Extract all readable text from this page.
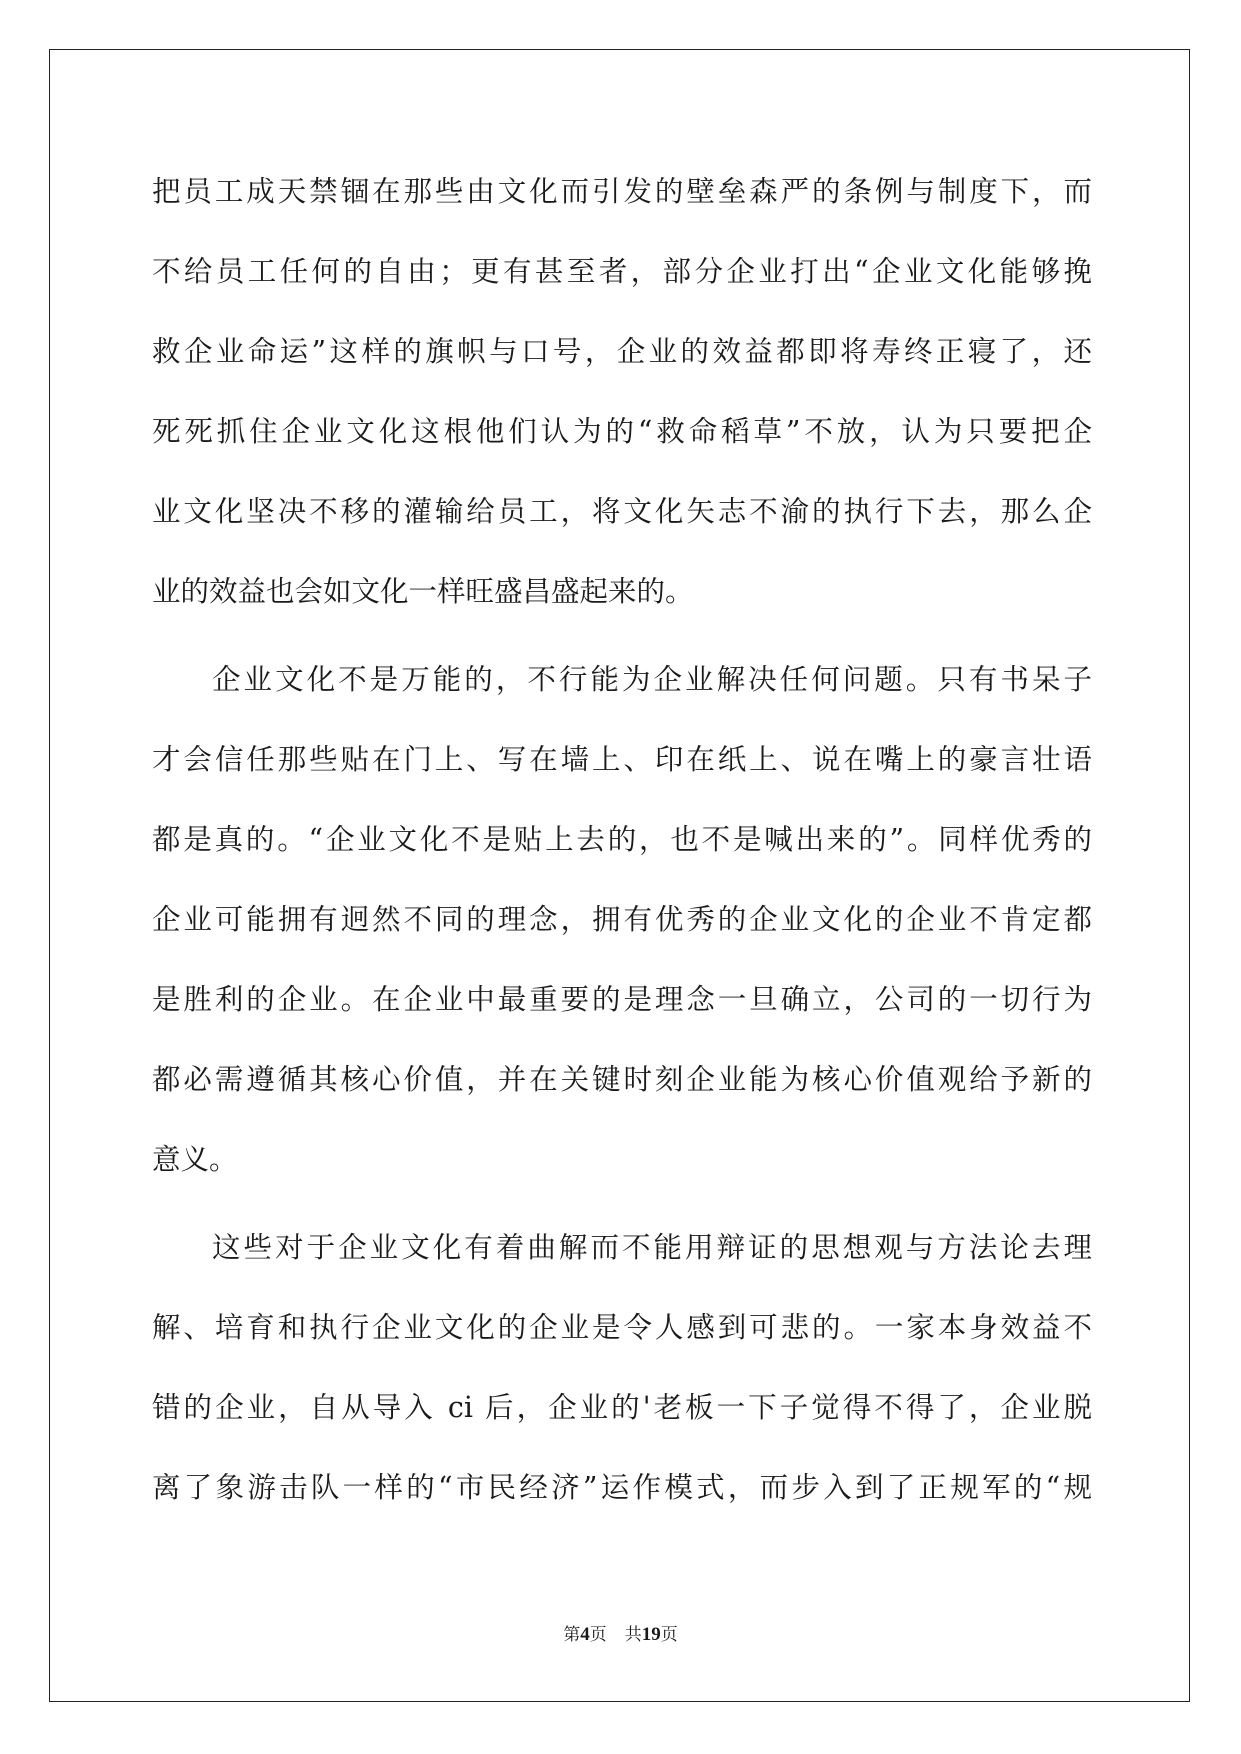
把员工成天禁锢在那些由文化而引发的壁垒森严的条例与制度下，而
不给员工任何的自由；更有甚至者，部分企业打出“企业文化能够挽
救企业命运”这样的旗帜与口号，企业的效益都即将寿终正寝了，还
死死抓住企业文化这根他们认为的“救命稻草”不放，认为只要把企
业文化坚决不移的灌输给员工，将文化矢志不渝的执行下去，那么企
业的效益也会如文化一样旺盛昌盛起来的。
企业文化不是万能的，不行能为企业解决任何问题。只有书呆子
才会信任那些贴在门上、写在墙上、印在纸上、说在嘴上的豪言壮语
都是真的。“企业文化不是贴上去的，也不是喊出来的”。同样优秀的
企业可能拥有迥然不同的理念，拥有优秀的企业文化的企业不肯定都
是胜利的企业。在企业中最重要的是理念一旦确立，公司的一切行为
都必需遵循其核心价值，并在关键时刻企业能为核心价值观给予新的
意义。
这些对于企业文化有着曲解而不能用辩证的思想观与方法论去理
解、培育和执行企业文化的企业是令人感到可悲的。一家本身效益不
错的企业，自从导入 ci 后，企业的'老板一下子觉得不得了，企业脱
离了象游击队一样的“市民经济”运作模式，而步入到了正规军的“规
第4页 共19页
